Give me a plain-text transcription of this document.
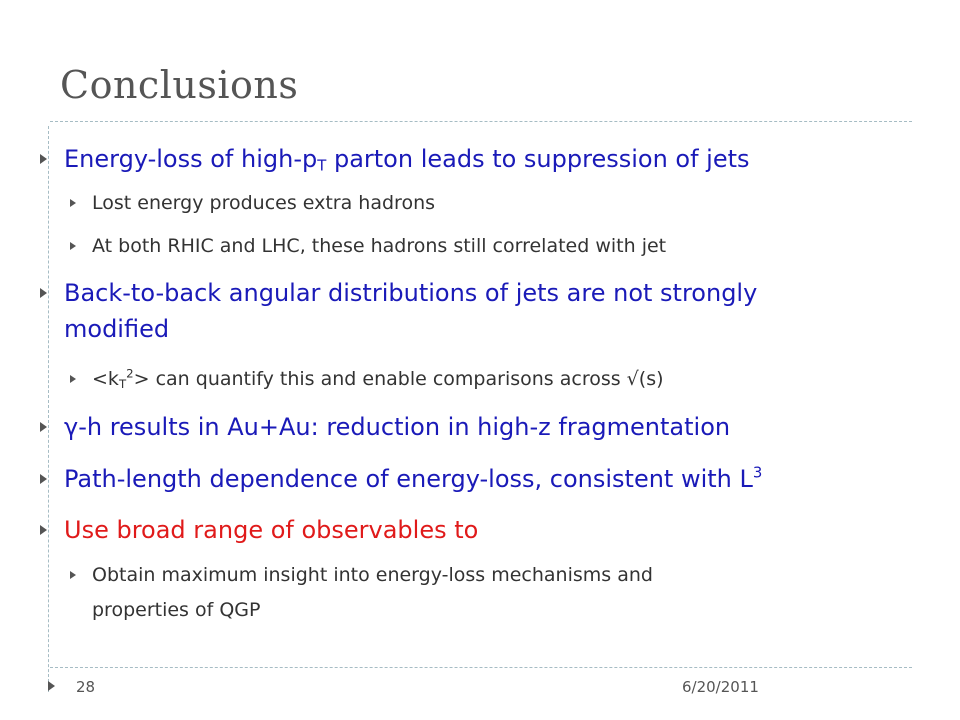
Conclusions
Energy-loss of high-$p_T$ parton leads to suppression of jets
Lost energy produces extra hadrons
At both RHIC and LHC, these hadrons still correlated with jet
Back-to-back angular distributions of jets are not strongly
modified
$<k_T^2>$ can quantify this and enable comparisons across √(s)
γ-h results in Au+Au: reduction in high-z fragmentation
Path-length dependence of energy-loss, consistent with $L^3$
Use broad range of observables to
Obtain maximum insight into energy-loss mechanisms and
properties of QGP
28	6/20/2011
